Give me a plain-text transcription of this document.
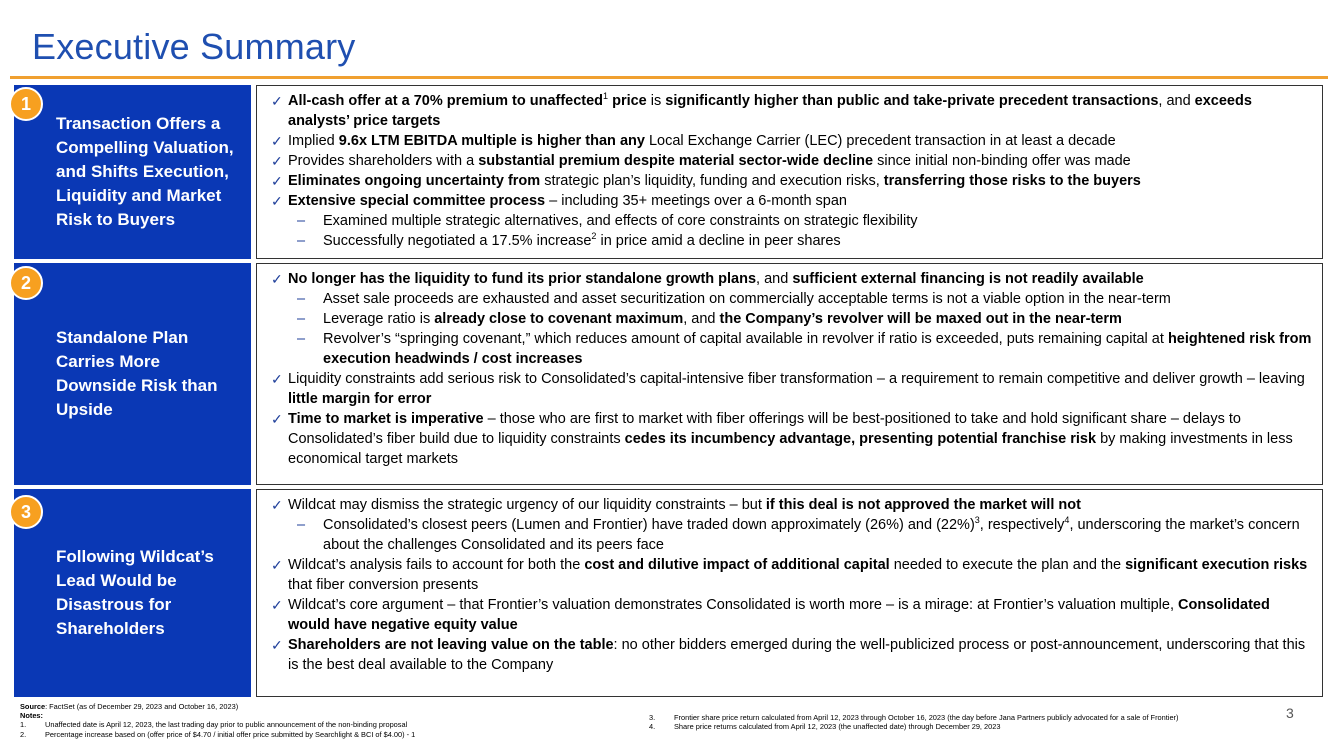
Executive Summary
Transaction Offers a Compelling Valuation, and Shifts Execution, Liquidity and Market Risk to Buyers
1	✓ All-cash offer at a 70% premium to unaffected$^1$ price is significantly higher than public and take-private precedent transactions, and exceeds analysts’ price targets
✓ Implied 9.6x LTM EBITDA multiple is higher than any Local Exchange Carrier (LEC) precedent transaction in at least a decade
✓ Provides shareholders with a substantial premium despite material sector-wide decline since initial non-binding offer was made
✓ Eliminates ongoing uncertainty from strategic plan’s liquidity, funding and execution risks, transferring those risks to the buyers
✓ Extensive special committee process – including 35+ meetings over a 6-month span
– Examined multiple strategic alternatives, and effects of core constraints on strategic flexibility
– Successfully negotiated a 17.5% increase$^2$ in price amid a decline in peer shares
Standalone Plan Carries More Downside Risk than Upside
2	✓ No longer has the liquidity to fund its prior standalone growth plans, and sufficient external financing is not readily available
– Asset sale proceeds are exhausted and asset securitization on commercially acceptable terms is not a viable option in the near-term
– Leverage ratio is already close to covenant maximum, and the Company’s revolver will be maxed out in the near-term
– Revolver’s “springing covenant,” which reduces amount of capital available in revolver if ratio is exceeded, puts remaining capital at heightened risk from execution headwinds / cost increases
✓ Liquidity constraints add serious risk to Consolidated’s capital-intensive fiber transformation – a requirement to remain competitive and deliver growth – leaving little margin for error
✓ Time to market is imperative – those who are first to market with fiber offerings will be best-positioned to take and hold significant share – delays to Consolidated’s fiber build due to liquidity constraints cedes its incumbency advantage, presenting potential franchise risk by making investments in less economical target markets
Following Wildcat’s Lead Would be Disastrous for Shareholders
3	✓ Wildcat may dismiss the strategic urgency of our liquidity constraints – but if this deal is not approved the market will not
– Consolidated’s closest peers (Lumen and Frontier) have traded down approximately (26%) and $(22\%)^3$, respectively$^4$, underscoring the market’s concern about the challenges Consolidated and its peers face
✓ Wildcat’s analysis fails to account for both the cost and dilutive impact of additional capital needed to execute the plan and the significant execution risks that fiber conversion presents
✓ Wildcat’s core argument – that Frontier’s valuation demonstrates Consolidated is worth more – is a mirage: at Frontier’s valuation multiple, Consolidated would have negative equity value
✓ Shareholders are not leaving value on the table: no other bidders emerged during the well-publicized process or post-announcement, underscoring that this is the best deal available to the Company
Source: FactSet (as of December 29, 2023 and October 16, 2023)
Notes:
1.	Unaffected date is April 12, 2023, the last trading day prior to public announcement of the non-binding proposal
2.	Percentage increase based on (offer price of $4.70 / initial offer price submitted by Searchlight & BCI of $4.00) - 1
3.	Frontier share price return calculated from April 12, 2023 through October 16, 2023 (the day before Jana Partners publicly advocated for a sale of Frontier)
4.	Share price returns calculated from April 12, 2023 (the unaffected date) through December 29, 2023
3
